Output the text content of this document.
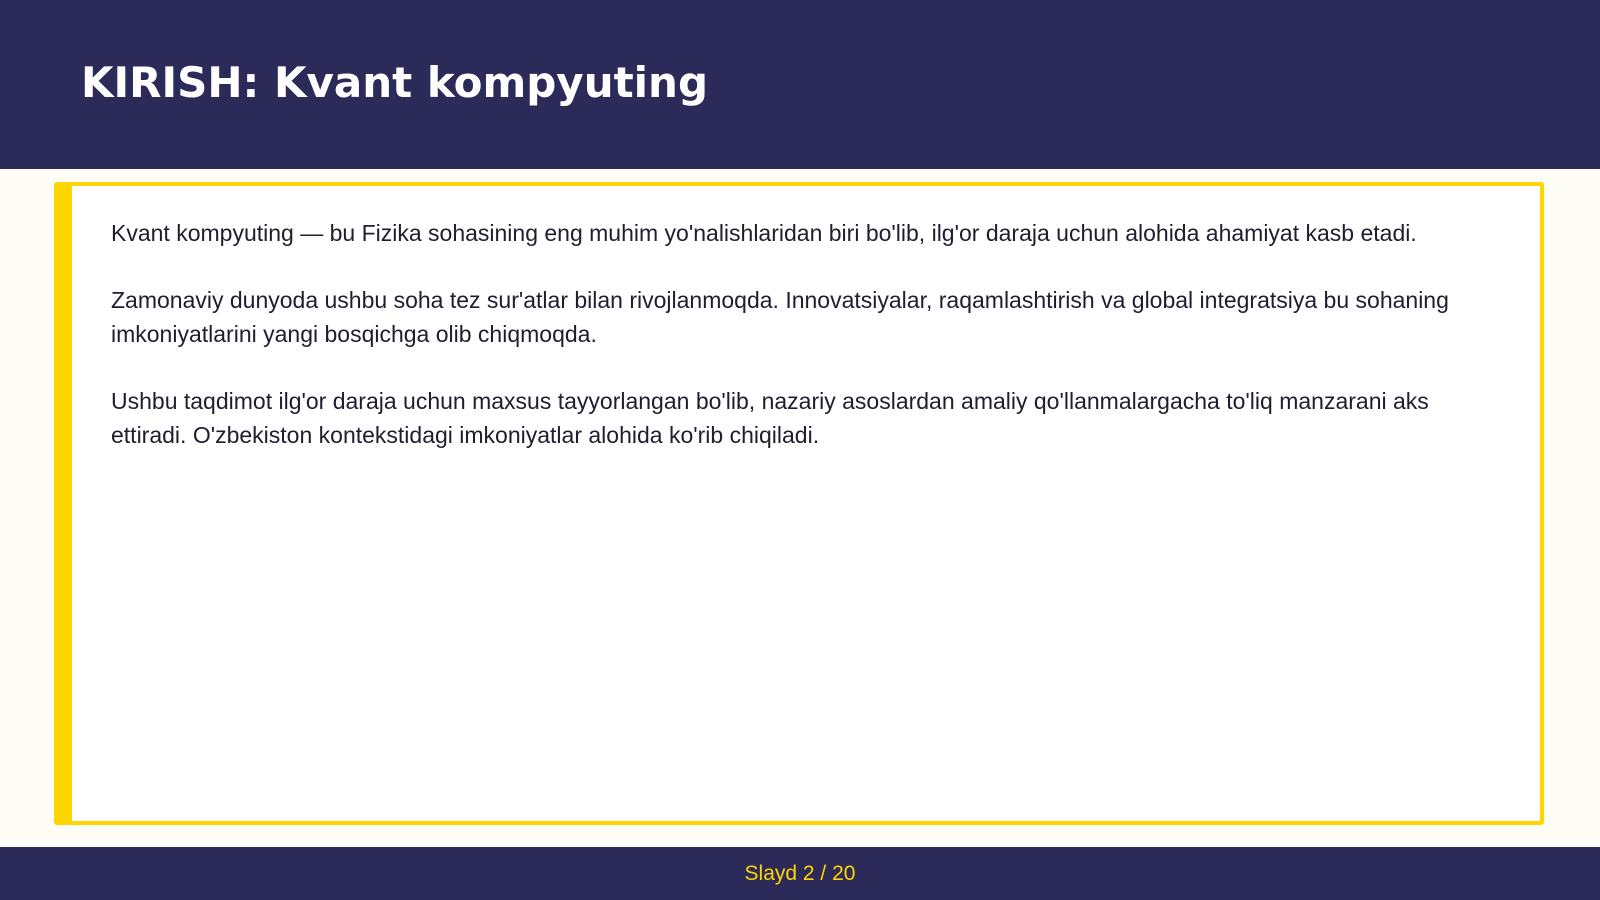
KIRISH: Kvant kompyuting

Kvant kompyuting — bu Fizika sohasining eng muhim yo'nalishlaridan biri bo'lib, ilg'or daraja uchun alohida ahamiyat kasb etadi.

Zamonaviy dunyoda ushbu soha tez sur'atlar bilan rivojlanmoqda. Innovatsiyalar, raqamlashtirish va global integratsiya bu sohaning imkoniyatlarini yangi bosqichga olib chiqmoqda.

Ushbu taqdimot ilg'or daraja uchun maxsus tayyorlangan bo'lib, nazariy asoslardan amaliy qo'llanmalargacha to'liq manzarani aks ettiradi. O'zbekiston kontekstidagi imkoniyatlar alohida ko'rib chiqiladi.

Slayd 2 / 20
